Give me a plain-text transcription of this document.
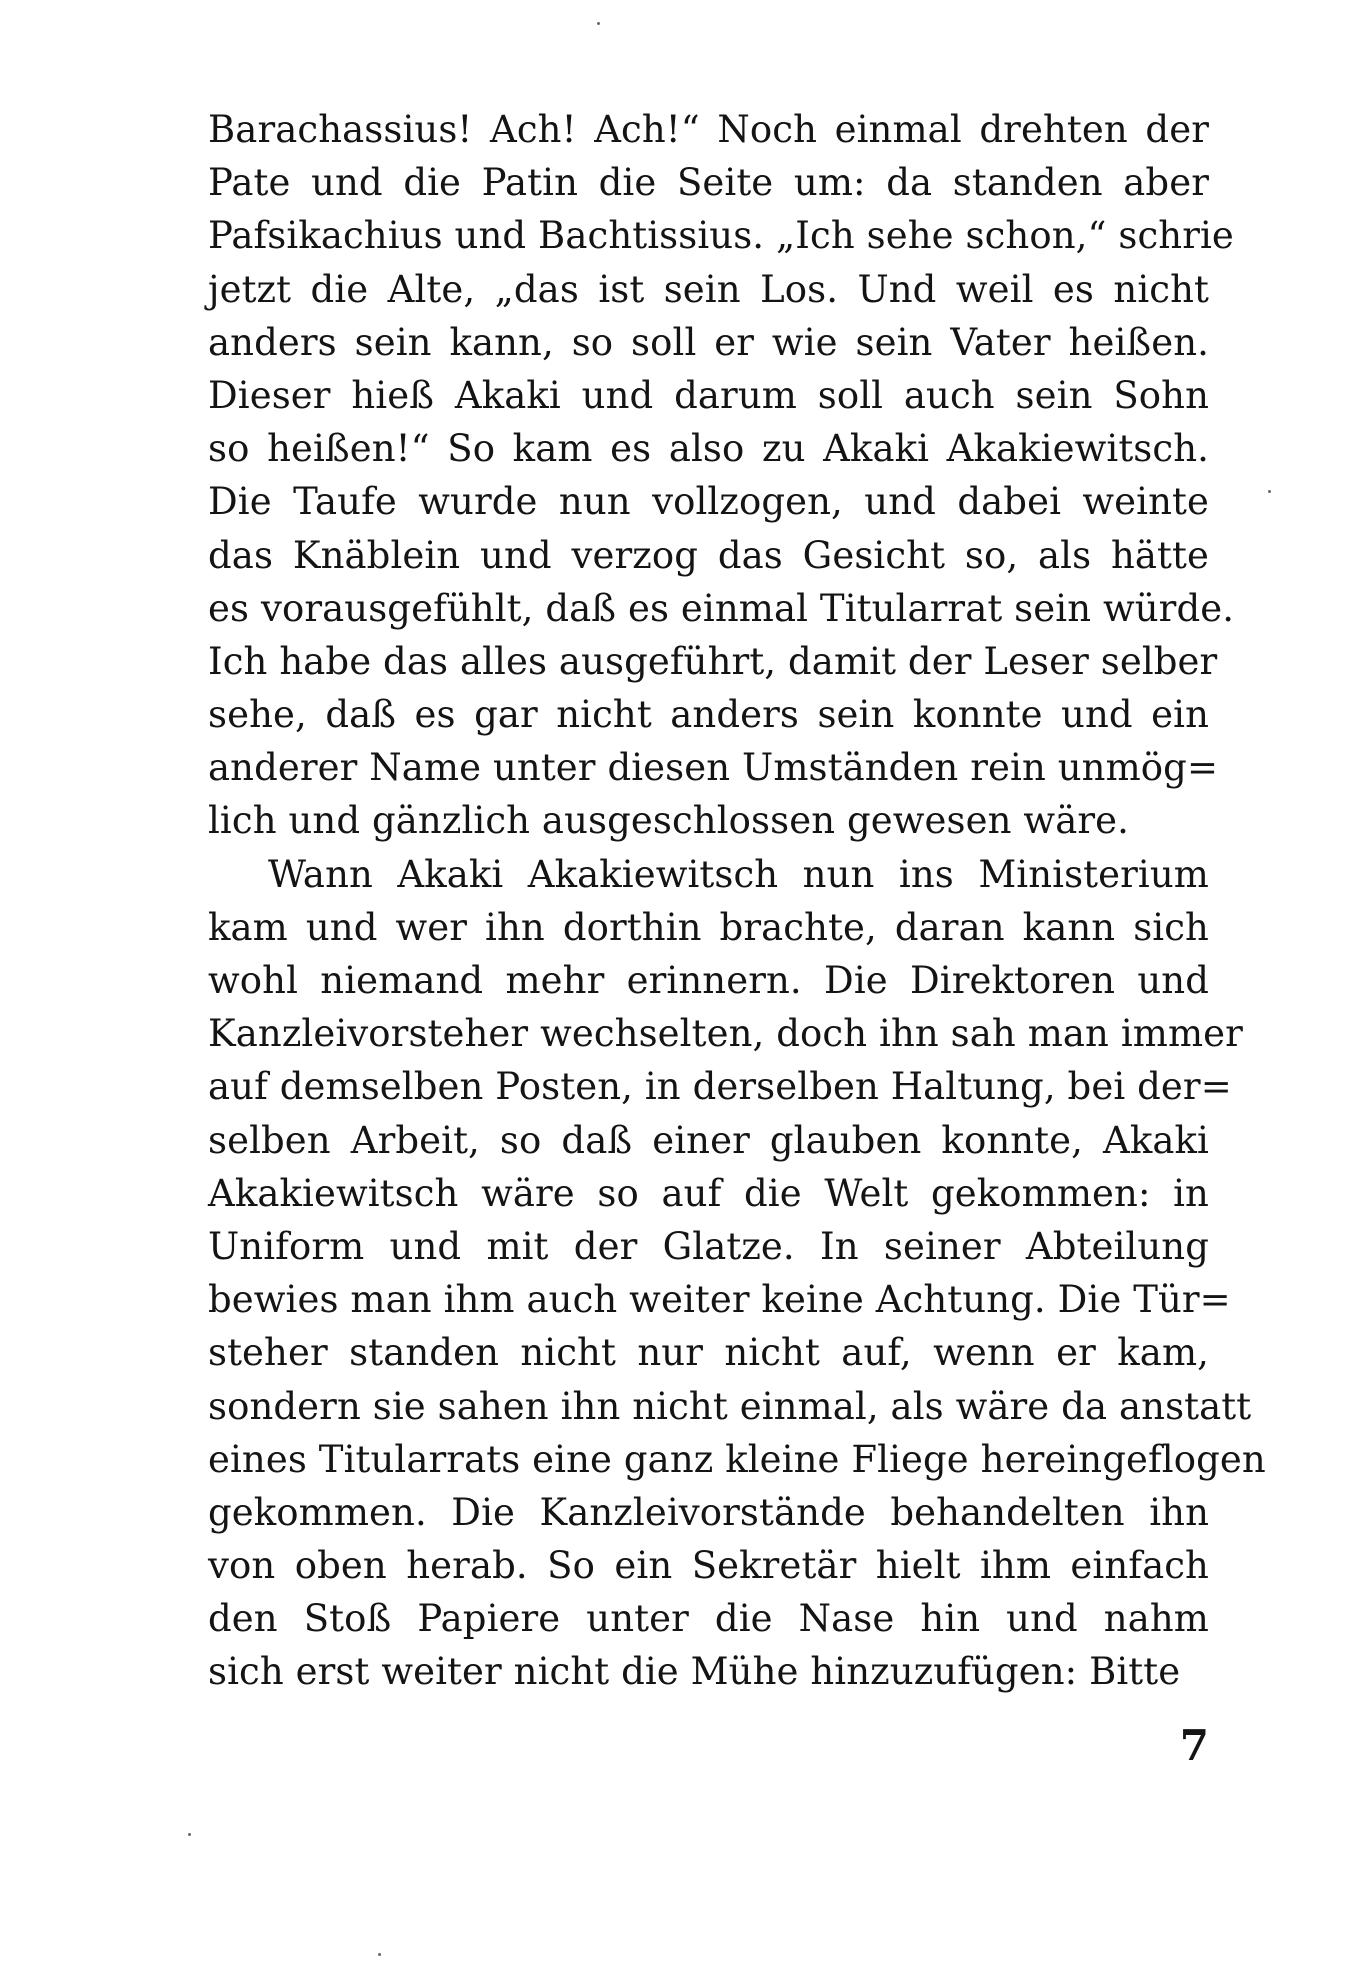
Barachassius! Ach! Ach!“ Noch einmal drehten der
Pate und die Patin die Seite um: da standen aber
Pafsikachius und Bachtissius. „Ich sehe schon,“ schrie
jetzt die Alte, „das ist sein Los. Und weil es nicht
anders sein kann, so soll er wie sein Vater heißen.
Dieser hieß Akaki und darum soll auch sein Sohn
so heißen!“ So kam es also zu Akaki Akakiewitsch.
Die Taufe wurde nun vollzogen, und dabei weinte
das Knäblein und verzog das Gesicht so, als hätte
es vorausgefühlt, daß es einmal Titularrat sein würde.
Ich habe das alles ausgeführt, damit der Leser selber
sehe, daß es gar nicht anders sein konnte und ein
anderer Name unter diesen Umständen rein unmög=
lich und gänzlich ausgeschlossen gewesen wäre.
Wann Akaki Akakiewitsch nun ins Ministerium
kam und wer ihn dorthin brachte, daran kann sich
wohl niemand mehr erinnern. Die Direktoren und
Kanzleivorsteher wechselten, doch ihn sah man immer
auf demselben Posten, in derselben Haltung, bei der=
selben Arbeit, so daß einer glauben konnte, Akaki
Akakiewitsch wäre so auf die Welt gekommen: in
Uniform und mit der Glatze. In seiner Abteilung
bewies man ihm auch weiter keine Achtung. Die Tür=
steher standen nicht nur nicht auf, wenn er kam,
sondern sie sahen ihn nicht einmal, als wäre da anstatt
eines Titularrats eine ganz kleine Fliege hereingeflogen
gekommen. Die Kanzleivorstände behandelten ihn
von oben herab. So ein Sekretär hielt ihm einfach
den Stoß Papiere unter die Nase hin und nahm
sich erst weiter nicht die Mühe hinzuzufügen: Bitte
7
